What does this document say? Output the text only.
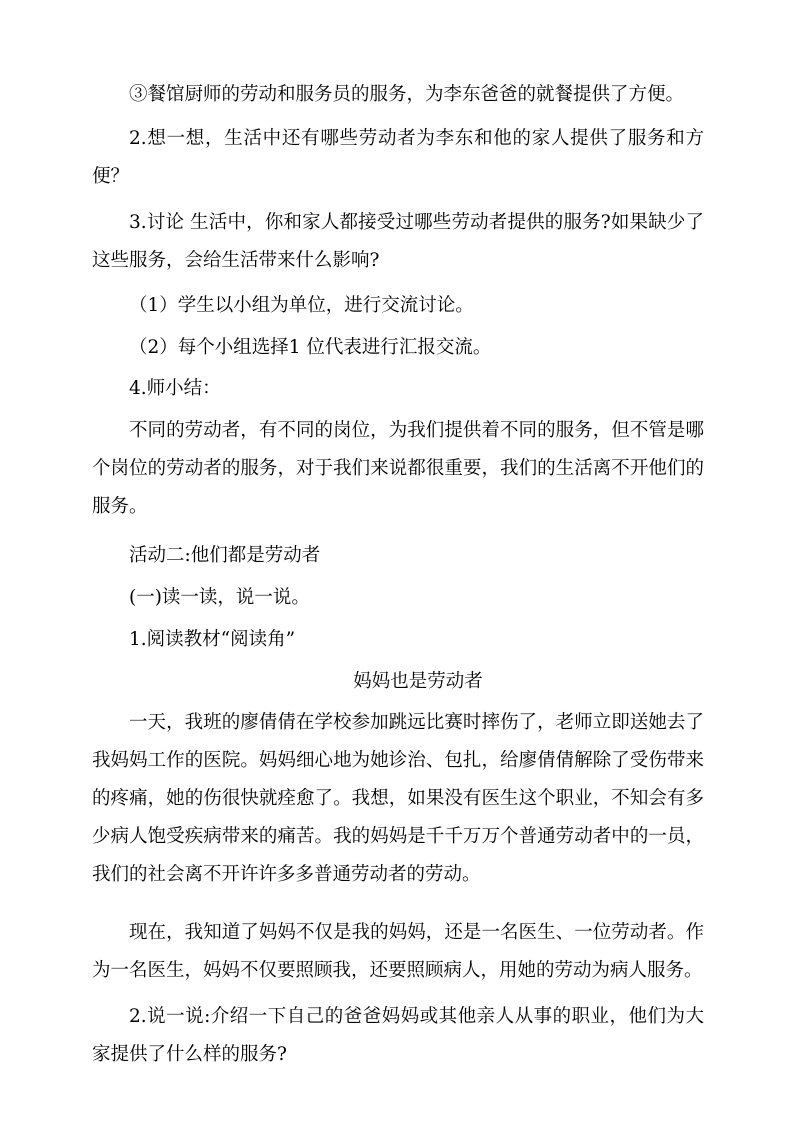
③餐馆厨师的劳动和服务员的服务，为李东爸爸的就餐提供了方便。

2.想一想，生活中还有哪些劳动者为李东和他的家人提供了服务和方便？

3.讨论 生活中，你和家人都接受过哪些劳动者提供的服务?如果缺少了这些服务，会给生活带来什么影响?

（1）学生以小组为单位，进行交流讨论。

（2）每个小组选择1 位代表进行汇报交流。

4.师小结：

不同的劳动者，有不同的岗位，为我们提供着不同的服务，但不管是哪个岗位的劳动者的服务，对于我们来说都很重要，我们的生活离不开他们的服务。

活动二:他们都是劳动者

(一)读一读，说一说。

1.阅读教材“阅读角”

妈妈也是劳动者

一天，我班的廖倩倩在学校参加跳远比赛时摔伤了，老师立即送她去了我妈妈工作的医院。妈妈细心地为她诊治、包扎，给廖倩倩解除了受伤带来的疼痛，她的伤很快就痊愈了。我想，如果没有医生这个职业，不知会有多少病人饱受疾病带来的痛苦。我的妈妈是千千万万个普通劳动者中的一员，我们的社会离不开许许多多普通劳动者的劳动。

现在，我知道了妈妈不仅是我的妈妈，还是一名医生、一位劳动者。作为一名医生，妈妈不仅要照顾我，还要照顾病人，用她的劳动为病人服务。

2.说一说:介绍一下自己的爸爸妈妈或其他亲人从事的职业，他们为大家提供了什么样的服务?
